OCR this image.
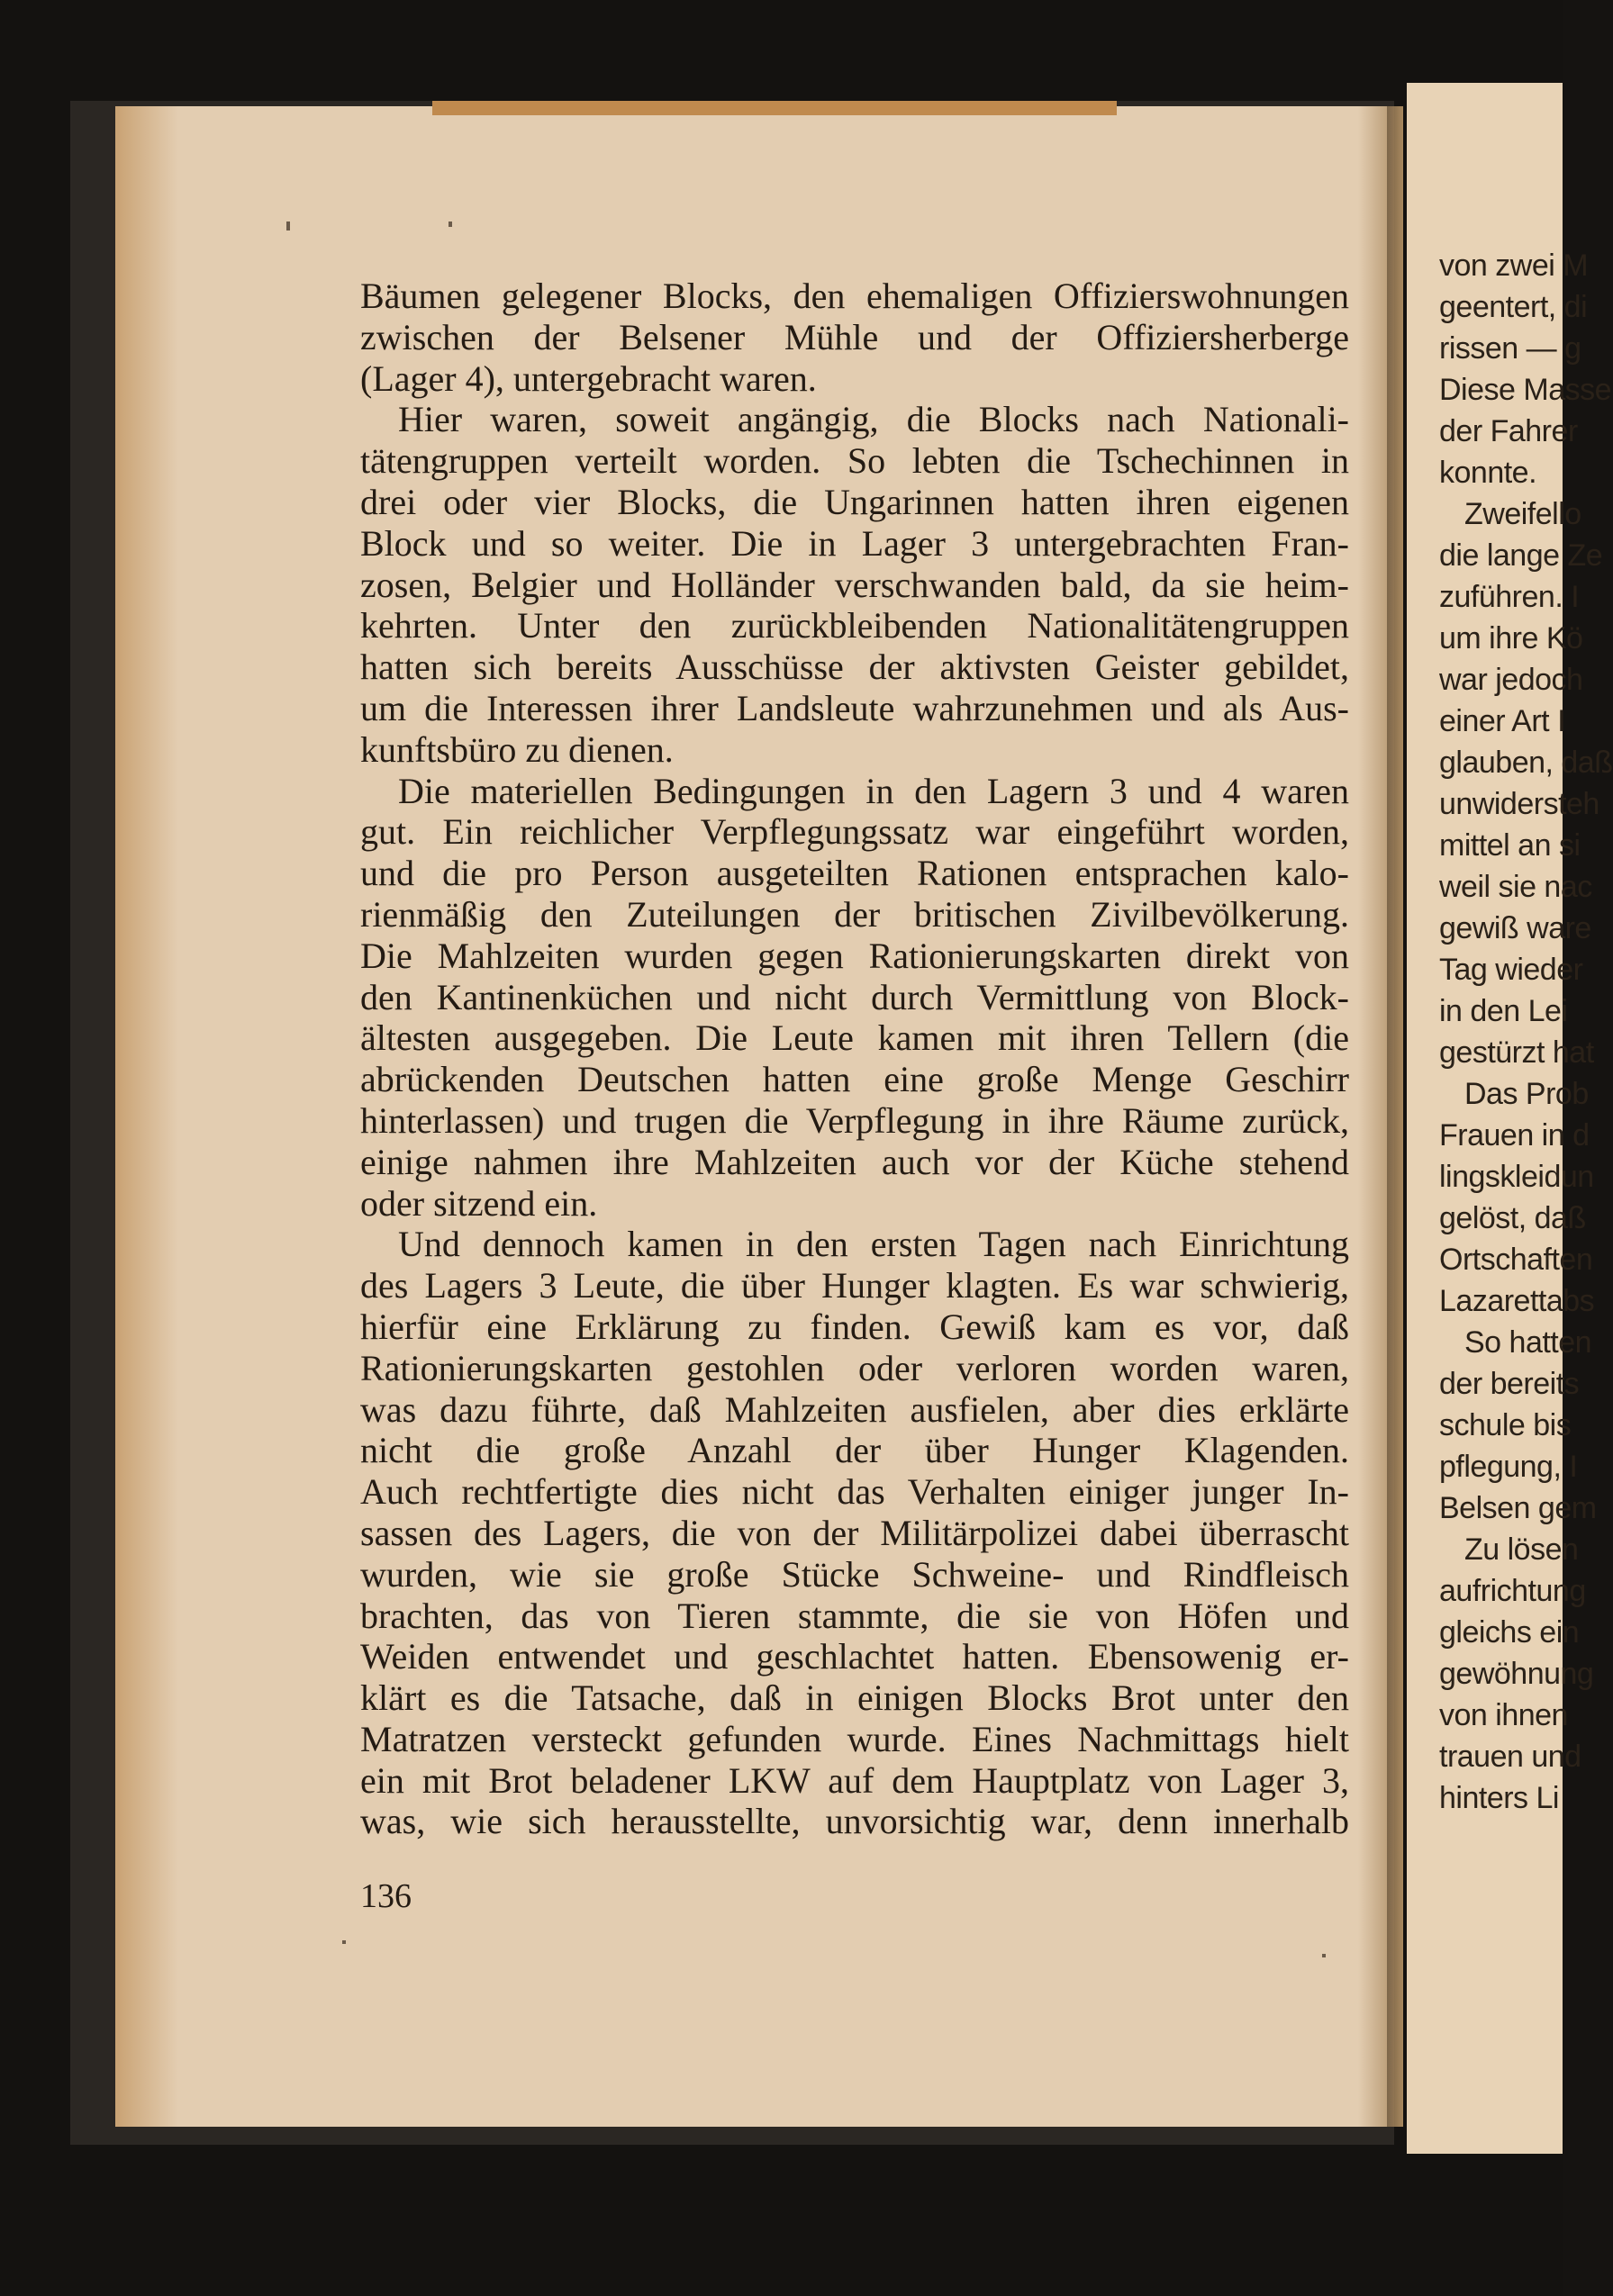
Bäumen gelegener Blocks, den ehemaligen Offizierswohnungen
zwischen der Belsener Mühle und der Offiziersherberge
(Lager 4), untergebracht waren.
Hier waren, soweit angängig, die Blocks nach Nationali-
tätengruppen verteilt worden. So lebten die Tschechinnen in
drei oder vier Blocks, die Ungarinnen hatten ihren eigenen
Block und so weiter. Die in Lager 3 untergebrachten Fran-
zosen, Belgier und Holländer verschwanden bald, da sie heim-
kehrten. Unter den zurückbleibenden Nationalitätengruppen
hatten sich bereits Ausschüsse der aktivsten Geister gebildet,
um die Interessen ihrer Landsleute wahrzunehmen und als Aus-
kunftsbüro zu dienen.
Die materiellen Bedingungen in den Lagern 3 und 4 waren
gut. Ein reichlicher Verpflegungssatz war eingeführt worden,
und die pro Person ausgeteilten Rationen entsprachen kalo-
rienmäßig den Zuteilungen der britischen Zivilbevölkerung.
Die Mahlzeiten wurden gegen Rationierungskarten direkt von
den Kantinenküchen und nicht durch Vermittlung von Block-
ältesten ausgegeben. Die Leute kamen mit ihren Tellern (die
abrückenden Deutschen hatten eine große Menge Geschirr
hinterlassen) und trugen die Verpflegung in ihre Räume zurück,
einige nahmen ihre Mahlzeiten auch vor der Küche stehend
oder sitzend ein.
Und dennoch kamen in den ersten Tagen nach Einrichtung
des Lagers 3 Leute, die über Hunger klagten. Es war schwierig,
hierfür eine Erklärung zu finden. Gewiß kam es vor, daß
Rationierungskarten gestohlen oder verloren worden waren,
was dazu führte, daß Mahlzeiten ausfielen, aber dies erklärte
nicht die große Anzahl der über Hunger Klagenden.
Auch rechtfertigte dies nicht das Verhalten einiger junger In-
sassen des Lagers, die von der Militärpolizei dabei überrascht
wurden, wie sie große Stücke Schweine- und Rindfleisch
brachten, das von Tieren stammte, die sie von Höfen und
Weiden entwendet und geschlachtet hatten. Ebensowenig er-
klärt es die Tatsache, daß in einigen Blocks Brot unter den
Matratzen versteckt gefunden wurde. Eines Nachmittags hielt
ein mit Brot beladener LKW auf dem Hauptplatz von Lager 3,
was, wie sich herausstellte, unvorsichtig war, denn innerhalb
136
von zwei M
geentert, di
rissen — g
Diese Masse
der Fahrer
konnte.
Zweifello
die lange Ze
zuführen. I
um ihre Kö
war jedoch
einer Art I
glauben, daß
unwidersteh
mittel an si
weil sie nac
gewiß ware
Tag wieder
in den Lei
gestürzt hat
Das Prob
Frauen in d
lingskleidun
gelöst, daß
Ortschaften
Lazarettabs
So hatten
der bereits
schule bis
pflegung, I
Belsen gem
Zu lösen
aufrichtung
gleichs ein
gewöhnung
von ihnen
trauen und
hinters Li
